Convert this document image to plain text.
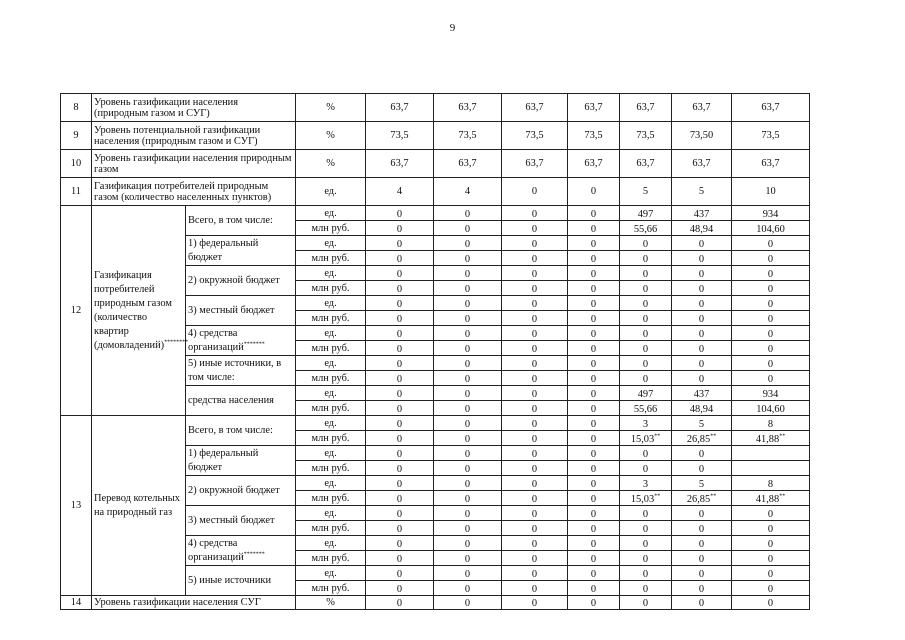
9
8	Уровень газификации населения (природным газом и СУГ)		%	63,7	63,7	63,7	63,7	63,7	63,7	63,7
9	Уровень потенциальной газификации населения (природным газом и СУГ)		%	73,5	73,5	73,5	73,5	73,5	73,50	73,5
10	Уровень газификации населения природным газом		%	63,7	63,7	63,7	63,7	63,7	63,7	63,7
11	Газификация потребителей природным газом (количество населенных пунктов)		ед.	4	4	0	0	5	5	10
12	Газификация потребителей природным газом (количество квартир (домовладений)********	Всего, в том числе:	ед.	0	0	0	0	497	437	934
			млн руб.	0	0	0	0	55,66	48,94	104,60
		1) федеральный бюджет	ед.	0	0	0	0	0	0	0
			млн руб.	0	0	0	0	0	0	0
		2) окружной бюджет	ед.	0	0	0	0	0	0	0
			млн руб.	0	0	0	0	0	0	0
		3) местный бюджет	ед.	0	0	0	0	0	0	0
			млн руб.	0	0	0	0	0	0	0
		4) средства организаций*******	ед.	0	0	0	0	0	0	0
			млн руб.	0	0	0	0	0	0	0
		5) иные источники, в том числе:	ед.	0	0	0	0	0	0	0
			млн руб.	0	0	0	0	0	0	0
		средства населения	ед.	0	0	0	0	497	437	934
			млн руб.	0	0	0	0	55,66	48,94	104,60
13	Перевод котельных на природный газ	Всего, в том числе:	ед.	0	0	0	0	3	5	8
			млн руб.	0	0	0	0	15,03**	26,85**	41,88**
		1) федеральный бюджет	ед.	0	0	0	0	0	0	
			млн руб.	0	0	0	0	0	0	
		2) окружной бюджет	ед.	0	0	0	0	3	5	8
			млн руб.	0	0	0	0	15,03**	26,85**	41,88**
		3) местный бюджет	ед.	0	0	0	0	0	0	0
			млн руб.	0	0	0	0	0	0	0
		4) средства организаций*******	ед.	0	0	0	0	0	0	0
			млн руб.	0	0	0	0	0	0	0
		5) иные источники	ед.	0	0	0	0	0	0	0
			млн руб.	0	0	0	0	0	0	0
14	Уровень газификации населения СУГ		%	0	0	0	0	0	0	0
